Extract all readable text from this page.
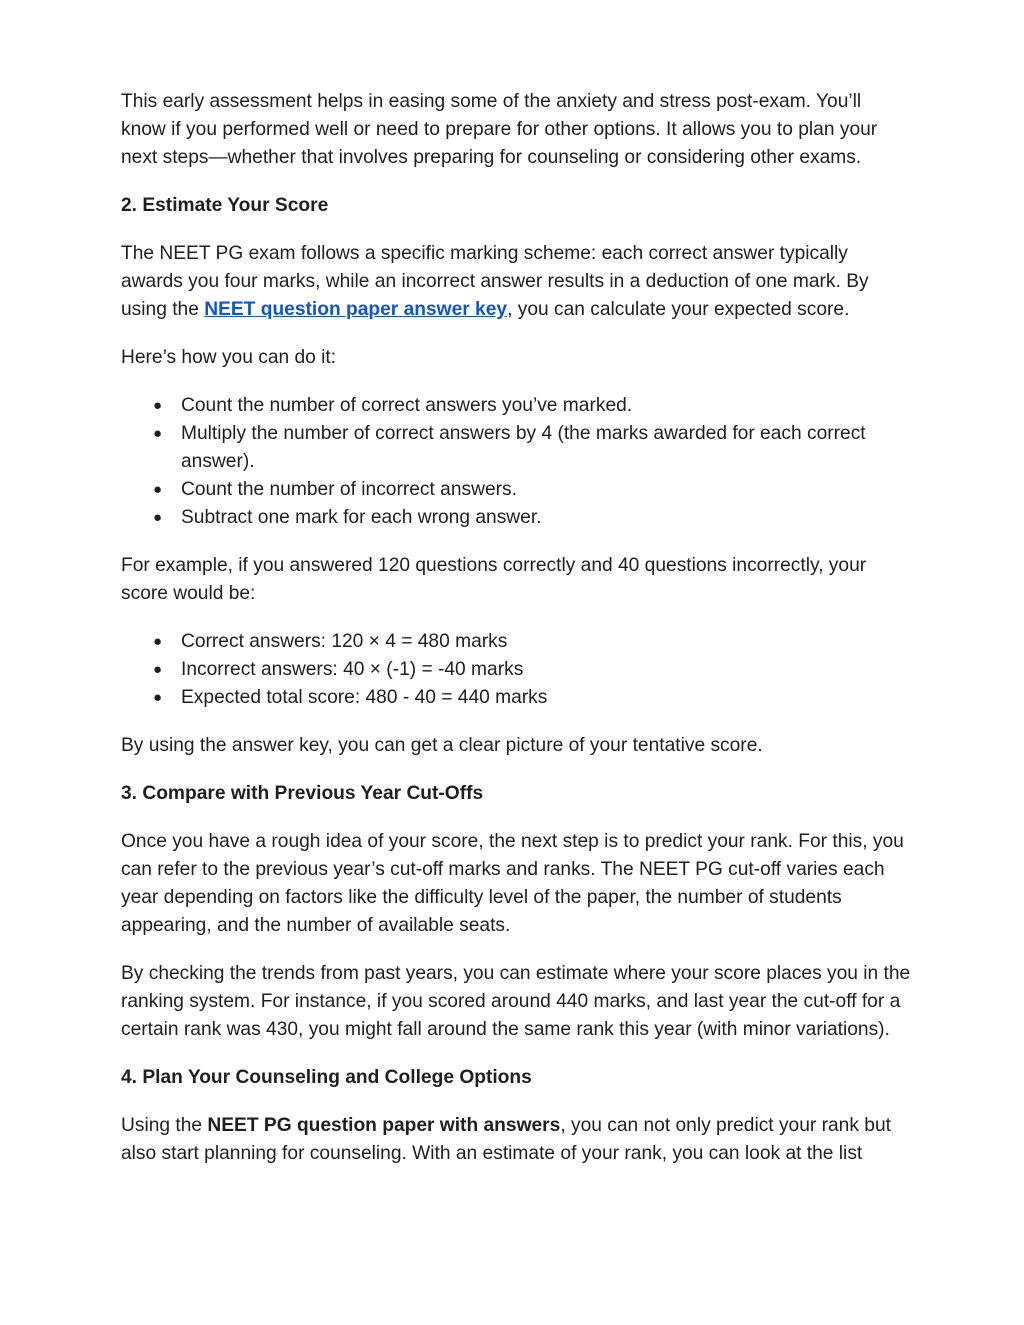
This early assessment helps in easing some of the anxiety and stress post-exam. You’ll know if you performed well or need to prepare for other options. It allows you to plan your next steps—whether that involves preparing for counseling or considering other exams.

2. Estimate Your Score

The NEET PG exam follows a specific marking scheme: each correct answer typically awards you four marks, while an incorrect answer results in a deduction of one mark. By using the NEET question paper answer key, you can calculate your expected score.

Here’s how you can do it:

● Count the number of correct answers you’ve marked.
● Multiply the number of correct answers by 4 (the marks awarded for each correct answer).
● Count the number of incorrect answers.
● Subtract one mark for each wrong answer.

For example, if you answered 120 questions correctly and 40 questions incorrectly, your score would be:

● Correct answers: 120 × 4 = 480 marks
● Incorrect answers: 40 × (-1) = -40 marks
● Expected total score: 480 - 40 = 440 marks

By using the answer key, you can get a clear picture of your tentative score.

3. Compare with Previous Year Cut-Offs

Once you have a rough idea of your score, the next step is to predict your rank. For this, you can refer to the previous year’s cut-off marks and ranks. The NEET PG cut-off varies each year depending on factors like the difficulty level of the paper, the number of students appearing, and the number of available seats.

By checking the trends from past years, you can estimate where your score places you in the ranking system. For instance, if you scored around 440 marks, and last year the cut-off for a certain rank was 430, you might fall around the same rank this year (with minor variations).

4. Plan Your Counseling and College Options

Using the NEET PG question paper with answers, you can not only predict your rank but also start planning for counseling. With an estimate of your rank, you can look at the list
